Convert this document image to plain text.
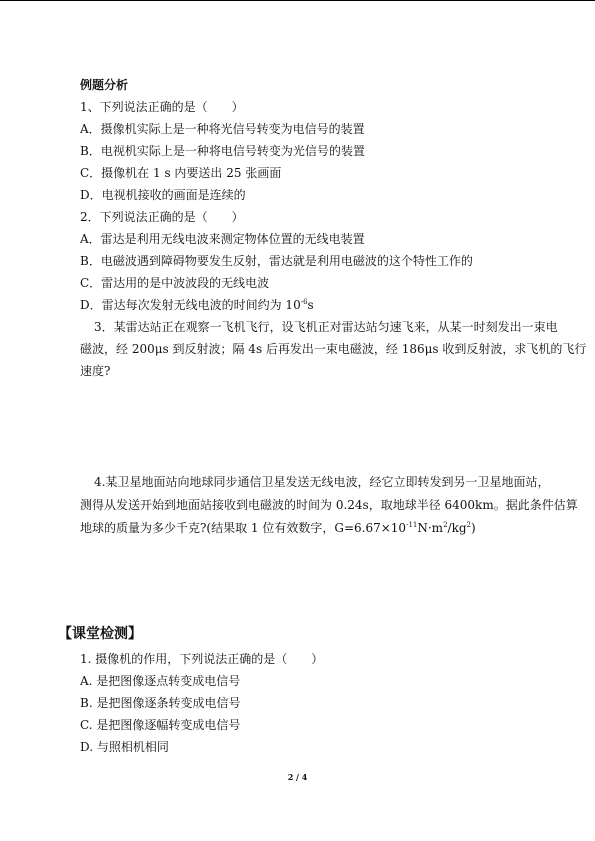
例题分析
1、下列说法正确的是（　　）
A．摄像机实际上是一种将光信号转变为电信号的装置
B．电视机实际上是一种将电信号转变为光信号的装置
C．摄像机在 1 s 内要送出 25 张画面
D．电视机接收的画面是连续的
2．下列说法正确的是（　　）
A．雷达是利用无线电波来测定物体位置的无线电装置
B．电磁波遇到障碍物要发生反射，雷达就是利用电磁波的这个特性工作的
C．雷达用的是中波波段的无线电波
D．雷达每次发射无线电波的时间约为 $10^{-6}s$
3．某雷达站正在观察一飞机飞行，设飞机正对雷达站匀速飞来，从某一时刻发出一束电
磁波，经 200μs 到反射波；隔 4s 后再发出一束电磁波，经 186μs 收到反射波，求飞机的飞行
速度?
4.某卫星地面站向地球同步通信卫星发送无线电波，经它立即转发到另一卫星地面站，
测得从发送开始到地面站接收到电磁波的时间为 0.24s，取地球半径 6400km。据此条件估算
地球的质量为多少千克?(结果取 1 位有效数字，$G=6.67\times 10^{-11}N\cdot m^2/kg^2$)
【课堂检测】
1. 摄像机的作用，下列说法正确的是（　　）
A. 是把图像逐点转变成电信号
B. 是把图像逐条转变成电信号
C. 是把图像逐幅转变成电信号
D. 与照相机相同
2 / 4
